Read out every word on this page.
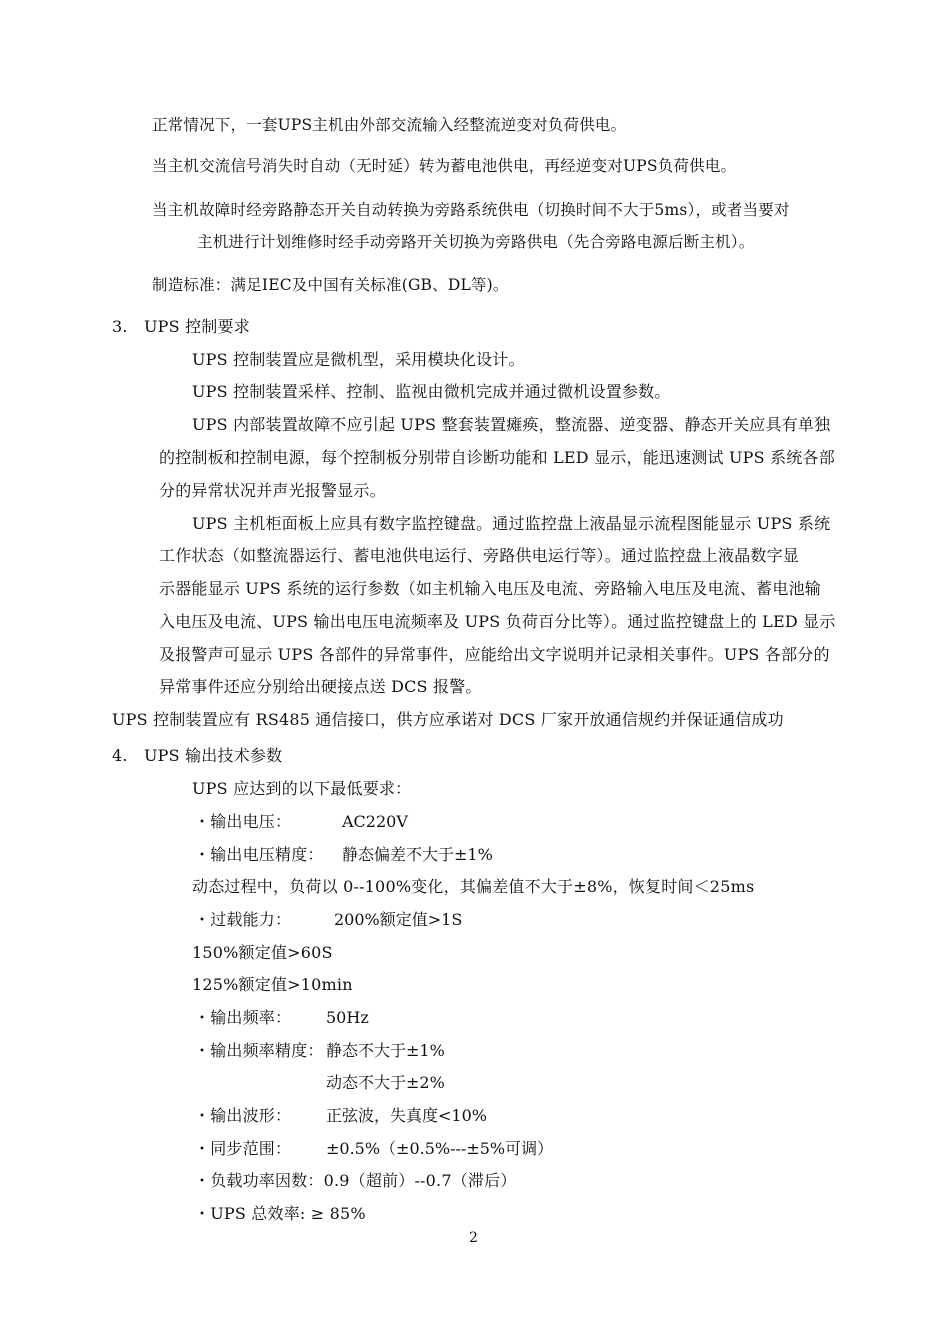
正常情况下，一套UPS主机由外部交流输入经整流逆变对负荷供电。
当主机交流信号消失时自动（无时延）转为蓄电池供电，再经逆变对UPS负荷供电。
当主机故障时经旁路静态开关自动转换为旁路系统供电（切换时间不大于5ms），或者当要对
主机进行计划维修时经手动旁路开关切换为旁路供电（先合旁路电源后断主机）。
制造标准：满足IEC及中国有关标准(GB、DL等)。
3. UPS 控制要求
UPS 控制装置应是微机型，采用模块化设计。
UPS 控制装置采样、控制、监视由微机完成并通过微机设置参数。
UPS 内部装置故障不应引起 UPS 整套装置瘫痪，整流器、逆变器、静态开关应具有单独
的控制板和控制电源，每个控制板分别带自诊断功能和 LED 显示，能迅速测试 UPS 系统各部
分的异常状况并声光报警显示。
UPS 主机柜面板上应具有数字监控键盘。通过监控盘上液晶显示流程图能显示 UPS 系统
工作状态（如整流器运行、蓄电池供电运行、旁路供电运行等）。通过监控盘上液晶数字显
示器能显示 UPS 系统的运行参数（如主机输入电压及电流、旁路输入电压及电流、蓄电池输
入电压及电流、UPS 输出电压电流频率及 UPS 负荷百分比等）。通过监控键盘上的 LED 显示
及报警声可显示 UPS 各部件的异常事件，应能给出文字说明并记录相关事件。UPS 各部分的
异常事件还应分别给出硬接点送 DCS 报警。
UPS 控制装置应有 RS485 通信接口，供方应承诺对 DCS 厂家开放通信规约并保证通信成功
4. UPS 输出技术参数
UPS 应达到的以下最低要求：
・输出电压：	AC220V
・输出电压精度： 静态偏差不大于±1%
动态过程中，负荷以 0--100%变化，其偏差值不大于±8%，恢复时间＜25ms
・过载能力：	200%额定值>1S
150%额定值>60S
125%额定值>10min
・输出频率： 50Hz
・输出频率精度： 静态不大于±1%
动态不大于±2%
・输出波形： 正弦波，失真度<10%
・同步范围： ±0.5%（±0.5%---±5%可调）
・负载功率因数：0.9（超前）--0.7（滞后）
・UPS 总效率: ≥ 85%
2
